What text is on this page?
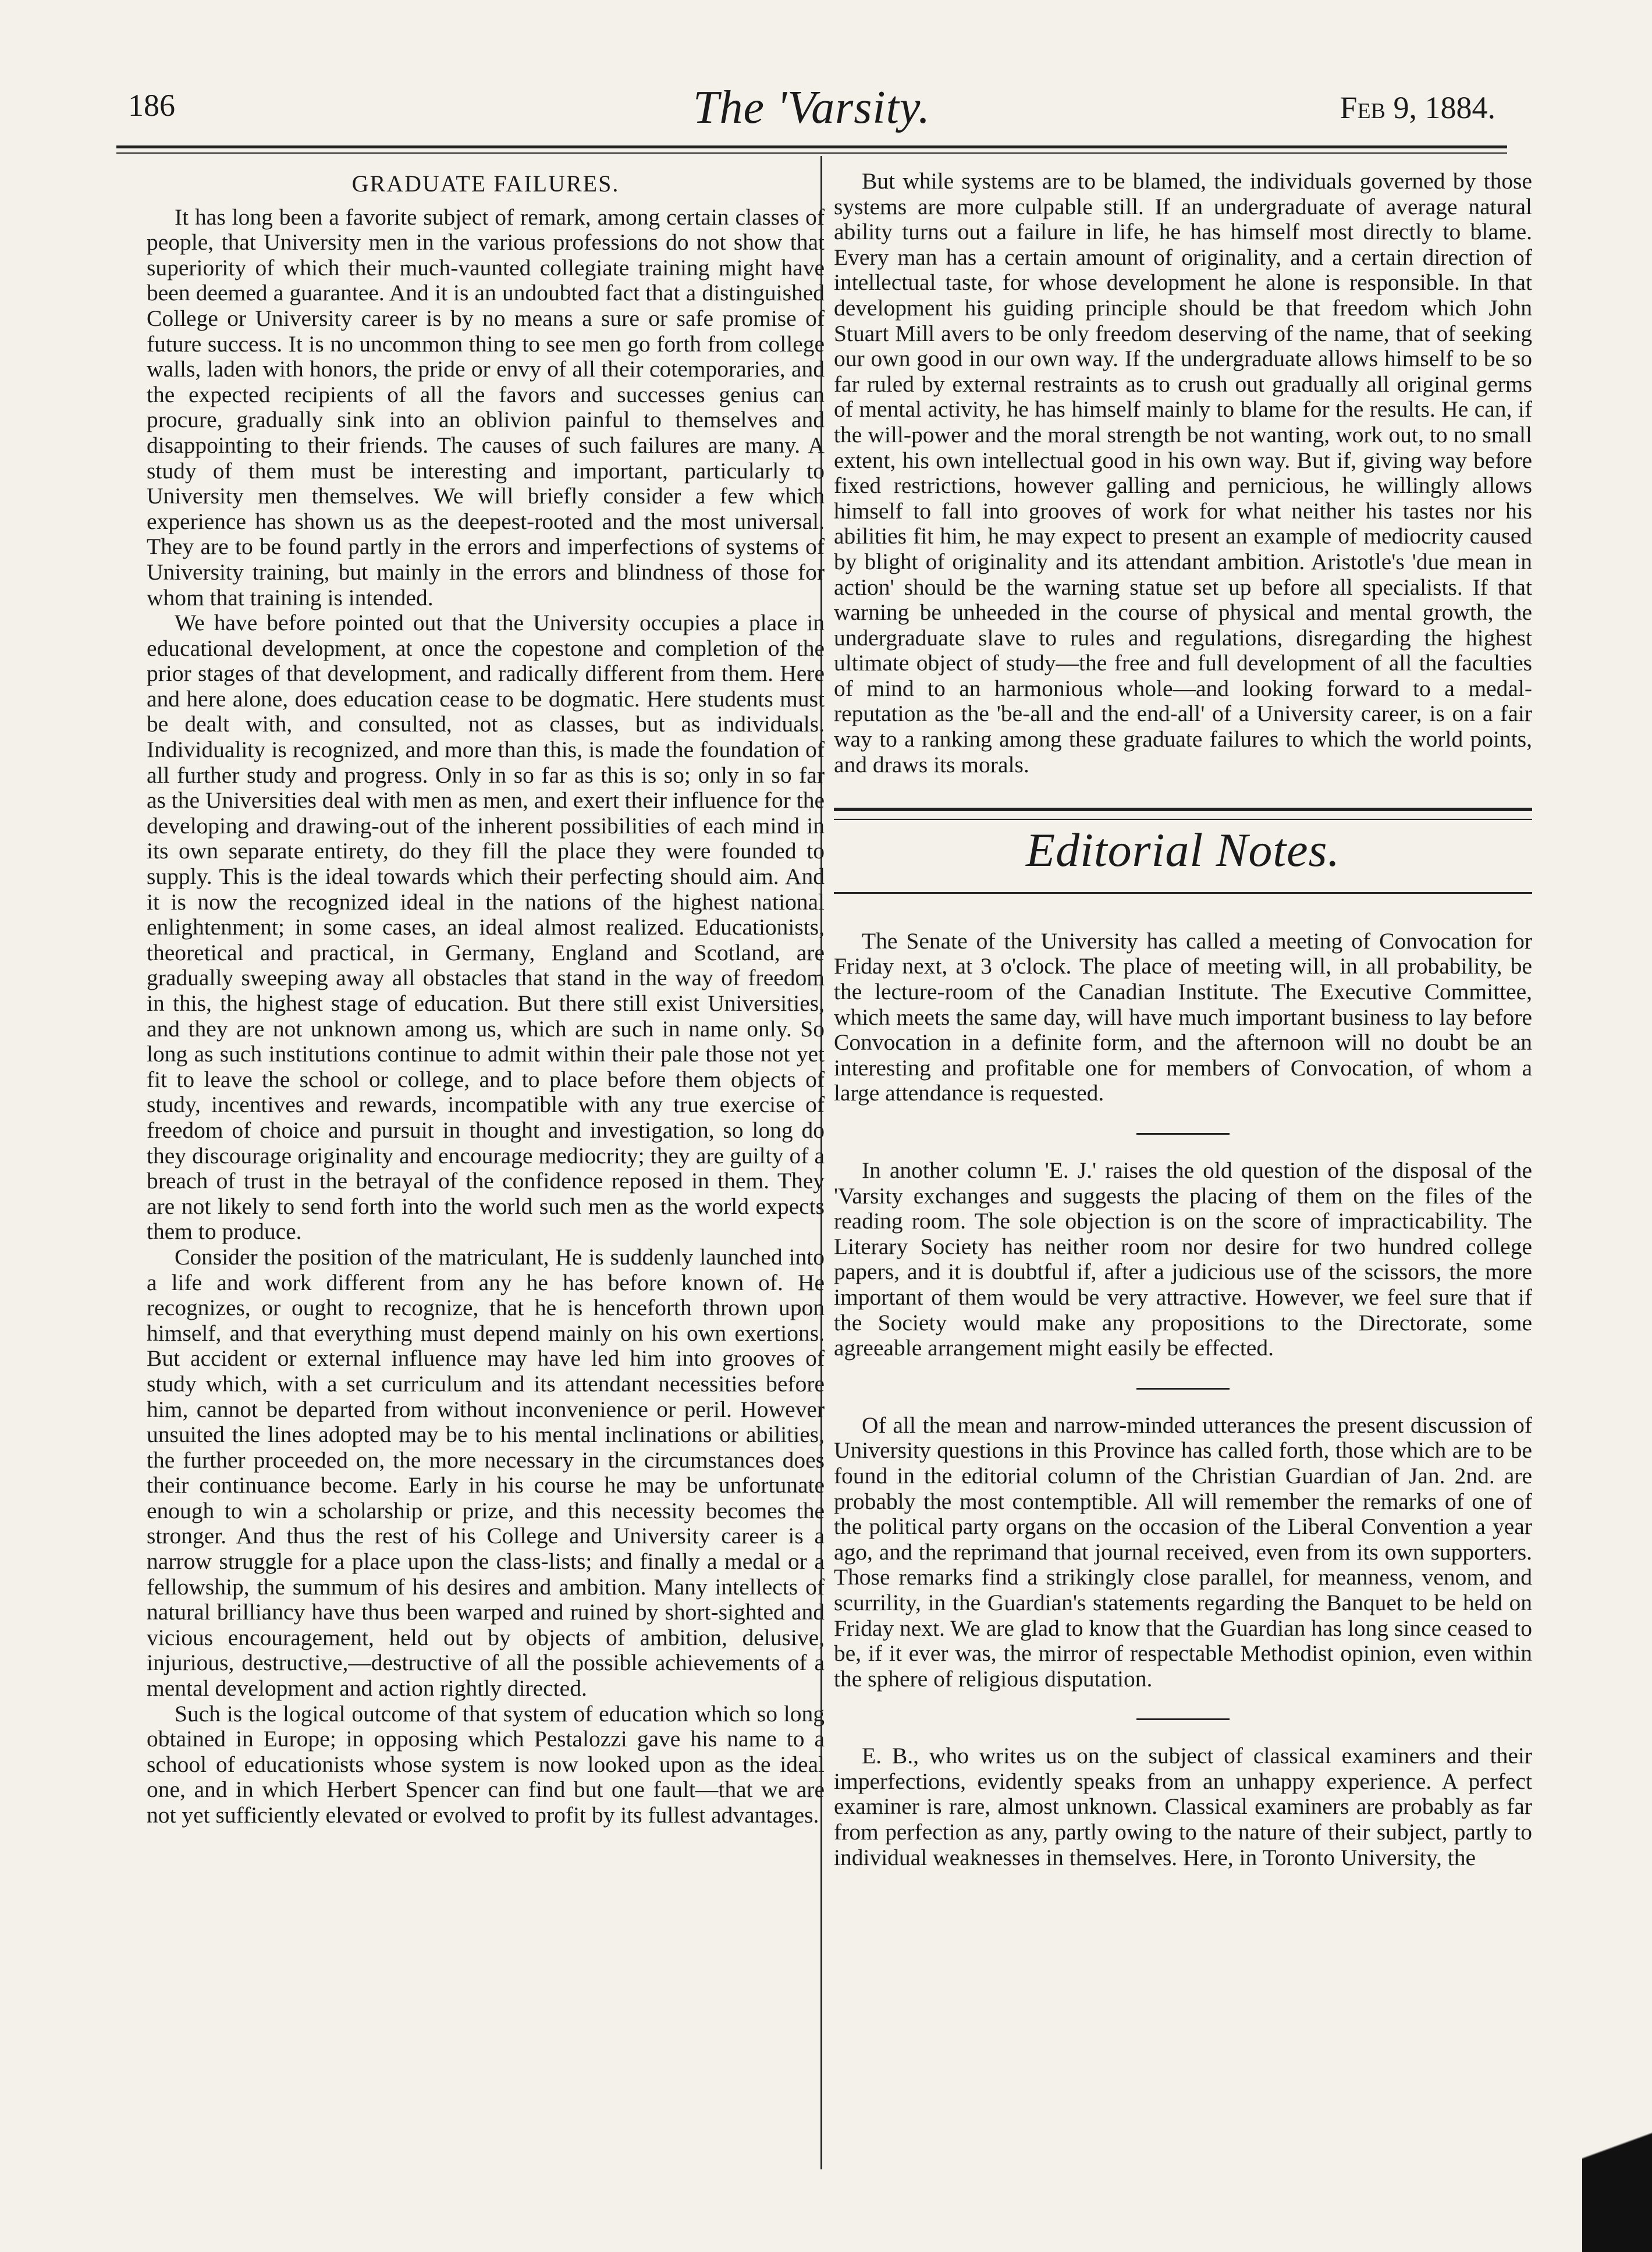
186	The 'Varsity.	Feb 9, 1884.
GRADUATE FAILURES.

It has long been a favorite subject of remark, among certain classes of people, that University men in the various professions do not show that superiority of which their much-vaunted collegiate training might have been deemed a guarantee. And it is an undoubted fact that a distinguished College or University career is by no means a sure or safe promise of future success. It is no uncommon thing to see men go forth from college walls, laden with honors, the pride or envy of all their cotemporaries, and the expected recipients of all the favors and successes genius can procure, gradually sink into an oblivion painful to themselves and disappointing to their friends. The causes of such failures are many. A study of them must be interesting and important, particularly to University men themselves. We will briefly consider a few which experience has shown us as the deepest-rooted and the most universal. They are to be found partly in the errors and imperfections of systems of University training, but mainly in the errors and blindness of those for whom that training is intended.

We have before pointed out that the University occupies a place in educational development, at once the copestone and completion of the prior stages of that development, and radically different from them. Here and here alone, does education cease to be dogmatic. Here students must be dealt with, and consulted, not as classes, but as individuals. Individuality is recognized, and more than this, is made the foundation of all further study and progress. Only in so far as this is so; only in so far as the Universities deal with men as men, and exert their influence for the developing and drawing-out of the inherent possibilities of each mind in its own separate entirety, do they fill the place they were founded to supply. This is the ideal towards which their perfecting should aim. And it is now the recognized ideal in the nations of the highest national enlightenment; in some cases, an ideal almost realized. Educationists, theoretical and practical, in Germany, England and Scotland, are gradually sweeping away all obstacles that stand in the way of freedom in this, the highest stage of education. But there still exist Universities, and they are not unknown among us, which are such in name only. So long as such institutions continue to admit within their pale those not yet fit to leave the school or college, and to place before them objects of study, incentives and rewards, incompatible with any true exercise of freedom of choice and pursuit in thought and investigation, so long do they discourage originality and encourage mediocrity; they are guilty of a breach of trust in the betrayal of the confidence reposed in them. They are not likely to send forth into the world such men as the world expects them to produce.

Consider the position of the matriculant, He is suddenly launched into a life and work different from any he has before known of. He recognizes, or ought to recognize, that he is henceforth thrown upon himself, and that everything must depend mainly on his own exertions. But accident or external influence may have led him into grooves of study which, with a set curriculum and its attendant necessities before him, cannot be departed from without inconvenience or peril. However unsuited the lines adopted may be to his mental inclinations or abilities, the further proceeded on, the more necessary in the circumstances does their continuance become. Early in his course he may be unfortunate enough to win a scholarship or prize, and this necessity becomes the stronger. And thus the rest of his College and University career is a narrow struggle for a place upon the class-lists; and finally a medal or a fellowship, the summum of his desires and ambition. Many intellects of natural brilliancy have thus been warped and ruined by short-sighted and vicious encouragement, held out by objects of ambition, delusive, injurious, destructive,—destructive of all the possible achievements of a mental development and action rightly directed.

Such is the logical outcome of that system of education which so long obtained in Europe; in opposing which Pestalozzi gave his name to a school of educationists whose system is now looked upon as the ideal one, and in which Herbert Spencer can find but one fault—that we are not yet sufficiently elevated or evolved to profit by its fullest advantages.

But while systems are to be blamed, the individuals governed by those systems are more culpable still. If an undergraduate of average natural ability turns out a failure in life, he has himself most directly to blame. Every man has a certain amount of originality, and a certain direction of intellectual taste, for whose development he alone is responsible. In that development his guiding principle should be that freedom which John Stuart Mill avers to be only freedom deserving of the name, that of seeking our own good in our own way. If the undergraduate allows himself to be so far ruled by external restraints as to crush out gradually all original germs of mental activity, he has himself mainly to blame for the results. He can, if the will-power and the moral strength be not wanting, work out, to no small extent, his own intellectual good in his own way. But if, giving way before fixed restrictions, however galling and pernicious, he willingly allows himself to fall into grooves of work for what neither his tastes nor his abilities fit him, he may expect to present an example of mediocrity caused by blight of originality and its attendant ambition. Aristotle's 'due mean in action' should be the warning statue set up before all specialists. If that warning be unheeded in the course of physical and mental growth, the undergraduate slave to rules and regulations, disregarding the highest ultimate object of study—the free and full development of all the faculties of mind to an harmonious whole—and looking forward to a medal-reputation as the 'be-all and the end-all' of a University career, is on a fair way to a ranking among these graduate failures to which the world points, and draws its morals.

Editorial Notes.

The Senate of the University has called a meeting of Convocation for Friday next, at 3 o'clock. The place of meeting will, in all probability, be the lecture-room of the Canadian Institute. The Executive Committee, which meets the same day, will have much important business to lay before Convocation in a definite form, and the afternoon will no doubt be an interesting and profitable one for members of Convocation, of whom a large attendance is requested.

In another column 'E. J.' raises the old question of the disposal of the 'Varsity exchanges and suggests the placing of them on the files of the reading room. The sole objection is on the score of impracticability. The Literary Society has neither room nor desire for two hundred college papers, and it is doubtful if, after a judicious use of the scissors, the more important of them would be very attractive. However, we feel sure that if the Society would make any propositions to the Directorate, some agreeable arrangement might easily be effected.

Of all the mean and narrow-minded utterances the present discussion of University questions in this Province has called forth, those which are to be found in the editorial column of the Christian Guardian of Jan. 2nd. are probably the most contemptible. All will remember the remarks of one of the political party organs on the occasion of the Liberal Convention a year ago, and the reprimand that journal received, even from its own supporters. Those remarks find a strikingly close parallel, for meanness, venom, and scurrility, in the Guardian's statements regarding the Banquet to be held on Friday next. We are glad to know that the Guardian has long since ceased to be, if it ever was, the mirror of respectable Methodist opinion, even within the sphere of religious disputation.

E. B., who writes us on the subject of classical examiners and their imperfections, evidently speaks from an unhappy experience. A perfect examiner is rare, almost unknown. Classical examiners are probably as far from perfection as any, partly owing to the nature of their subject, partly to individual weaknesses in themselves. Here, in Toronto University, the
